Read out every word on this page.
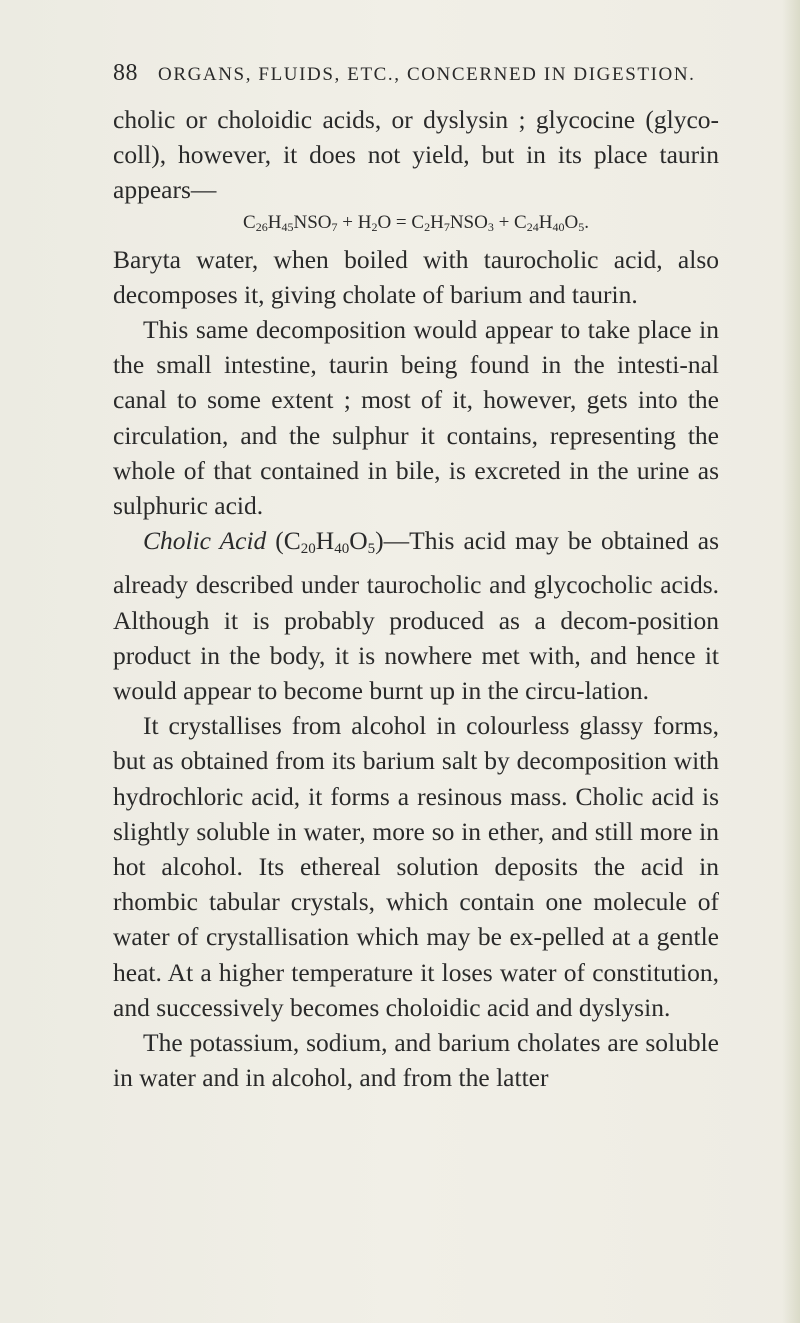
88 ORGANS, FLUIDS, ETC., CONCERNED IN DIGESTION.

cholic or choloidic acids, or dyslysin ; glycocine (glyco-coll), however, it does not yield, but in its place taurin appears—

$C_{26}H_{45}NSO_7 + H_2O = C_2H_7NSO_3 + C_{24}H_{40}O_5$.

Baryta water, when boiled with taurocholic acid, also decomposes it, giving cholate of barium and taurin.

This same decomposition would appear to take place in the small intestine, taurin being found in the intesti-nal canal to some extent ; most of it, however, gets into the circulation, and the sulphur it contains, representing the whole of that contained in bile, is excreted in the urine as sulphuric acid.

Cholic Acid $(C_{20}H_{40}O_5)—This$ acid may be obtained as already described under taurocholic and glycocholic acids. Although it is probably produced as a decom-position product in the body, it is nowhere met with, and hence it would appear to become burnt up in the circu-lation.

It crystallises from alcohol in colourless glassy forms, but as obtained from its barium salt by decomposition with hydrochloric acid, it forms a resinous mass. Cholic acid is slightly soluble in water, more so in ether, and still more in hot alcohol. Its ethereal solution deposits the acid in rhombic tabular crystals, which contain one molecule of water of crystallisation which may be ex-pelled at a gentle heat. At a higher temperature it loses water of constitution, and successively becomes choloidic acid and dyslysin.

The potassium, sodium, and barium cholates are soluble in water and in alcohol, and from the latter
